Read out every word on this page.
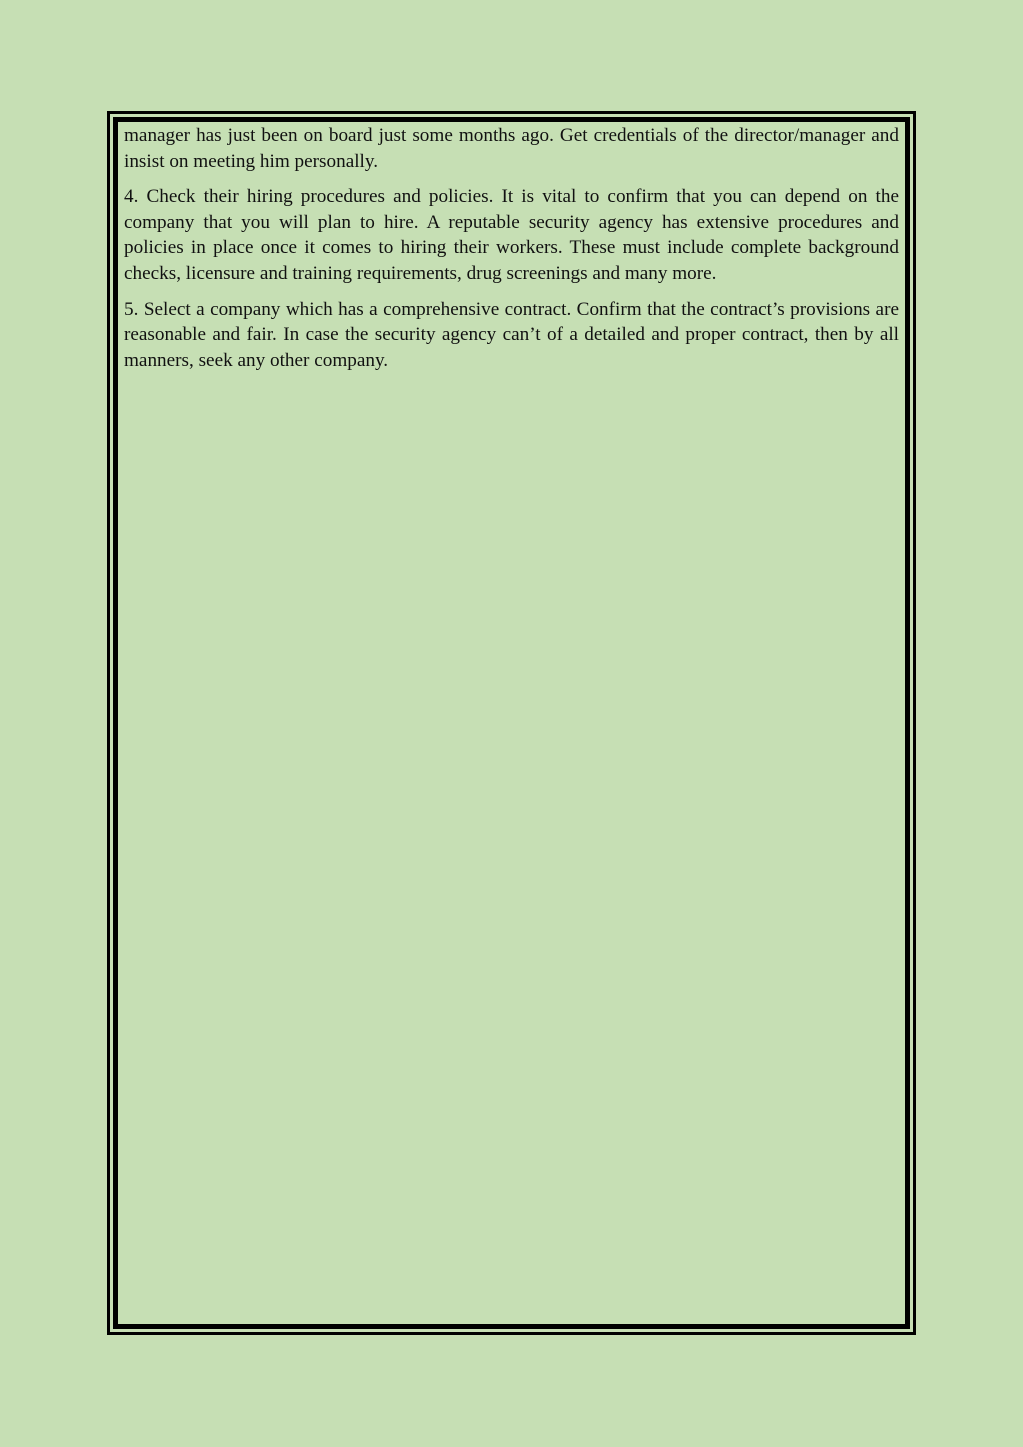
manager has just been on board just some months ago. Get credentials of the director/manager and insist on meeting him personally.

4. Check their hiring procedures and policies. It is vital to confirm that you can depend on the company that you will plan to hire. A reputable security agency has extensive procedures and policies in place once it comes to hiring their workers. These must include complete background checks, licensure and training requirements, drug screenings and many more.

5. Select a company which has a comprehensive contract. Confirm that the contract’s provisions are reasonable and fair. In case the security agency can’t of a detailed and proper contract, then by all manners, seek any other company.
